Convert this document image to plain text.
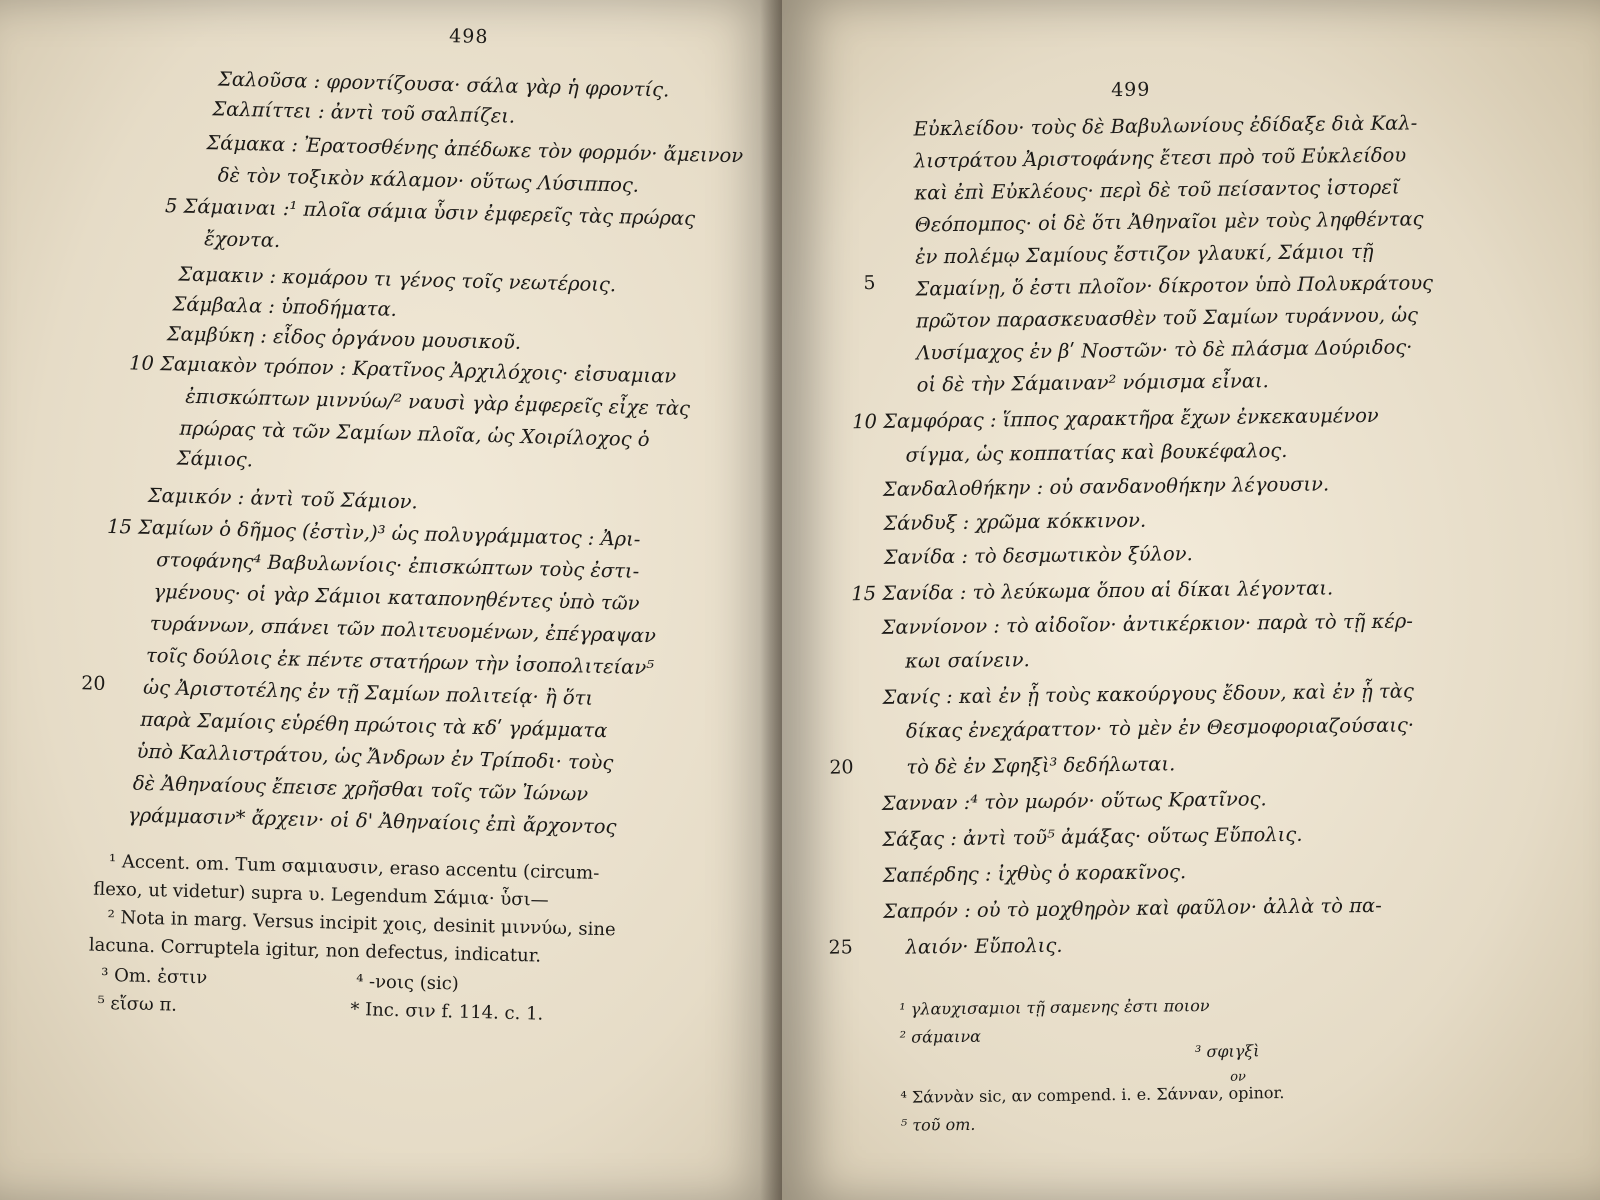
498
Σαλοῦσα : φροντίζουσα· σάλα γὰρ ἡ φροντίς.
Σαλπίττει : ἀντὶ τοῦ σαλπίζει.
Σάμακα : Ἐρατοσθένης ἀπέδωκε τὸν φορμόν· ἄμεινον
δὲ τὸν τοξικὸν κάλαμον· οὕτως Λύσιππος.
5 Σάμαιναι :¹ πλοῖα σάμια ὗσιν ἐμφερεῖς τὰς πρώρας
ἔχοντα.
Σαμακιν : κομάρου τι γένος τοῖς νεωτέροις.
Σάμβαλα : ὑποδήματα.
Σαμβύκη : εἶδος ὀργάνου μουσικοῦ.
10 Σαμιακὸν τρόπον : Κρατῖνος Ἀρχιλόχοις· εἰσυαμιαν
ἐπισκώπτων μιννύω/² ναυσὶ γὰρ ἐμφερεῖς εἶχε τὰς
πρώρας τὰ τῶν Σαμίων πλοῖα, ὡς Χοιρίλοχος ὁ
Σάμιος.
Σαμικόν : ἀντὶ τοῦ Σάμιον.
15 Σαμίων ὁ δῆμος (ἐστὶν,)³ ὡς πολυγράμματος : Ἀρι-
στοφάνης⁴ Βαβυλωνίοις· ἐπισκώπτων τοὺς ἐστι-
γμένους· οἱ γὰρ Σάμιοι καταπονηθέντες ὑπὸ τῶν
τυράννων, σπάνει τῶν πολιτευομένων, ἐπέγραψαν
τοῖς δούλοις ἐκ πέντε στατήρων τὴν ἰσοπολιτείαν⁵
20 ὡς Ἀριστοτέλης ἐν τῇ Σαμίων πολιτείᾳ· ἢ ὅτι
παρὰ Σαμίοις εὑρέθη πρώτοις τὰ κδʹ γράμματα
ὑπὸ Καλλιστράτου, ὡς Ἄνδρων ἐν Τρίποδι· τοὺς
δὲ Ἀθηναίους ἔπεισε χρῆσθαι τοῖς τῶν Ἰώνων
γράμμασιν* ἄρχειν· οἱ δ' Ἀθηναίοις ἐπὶ ἄρχοντος
¹ Accent. om. Tum σαμιαυσιν, eraso accentu (circum-
flexo, ut videtur) supra υ. Legendum Σάμια· ὗσι—
² Nota in marg. Versus incipit χοις, desinit μιννύω, sine
lacuna. Corruptela igitur, non defectus, indicatur.
³ Om. ἐστιν	⁴ -νοις (sic)
⁵ εἴσω π.	* Inc. σιν f. 114. c. 1.
499
Εὐκλείδου· τοὺς δὲ Βαβυλωνίους ἐδίδαξε διὰ Καλ-
λιστράτου Ἀριστοφάνης ἔτεσι πρὸ τοῦ Εὐκλείδου
καὶ ἐπὶ Εὐκλέους· περὶ δὲ τοῦ πείσαντος ἱστορεῖ
Θεόπομπος· οἱ δὲ ὅτι Ἀθηναῖοι μὲν τοὺς ληφθέντας
5
ἐν πολέμῳ Σαμίους ἔστιζον γλαυκί, Σάμιοι τῇ
Σαμαίνῃ, ὅ ἐστι πλοῖον· δίκροτον ὑπὸ Πολυκράτους
πρῶτον παρασκευασθὲν τοῦ Σαμίων τυράννου, ὡς
Λυσίμαχος ἐν βʹ Νοστῶν· τὸ δὲ πλάσμα Δούριδος·
οἱ δὲ τὴν Σάμαιναν² νόμισμα εἶναι.
10 Σαμφόρας : ἵππος χαρακτῆρα ἔχων ἐνκεκαυμένον
σίγμα, ὡς κοππατίας καὶ βουκέφαλος.
Σανδαλοθήκην : οὐ σανδανοθήκην λέγουσιν.
Σάνδυξ : χρῶμα κόκκινον.
Σανίδα : τὸ δεσμωτικὸν ξύλον.
15 Σανίδα : τὸ λεύκωμα ὅπου αἱ δίκαι λέγονται.
Σαννίονον : τὸ αἰδοῖον· ἀντικέρκιον· παρὰ τὸ τῇ κέρ-
κωι σαίνειν.
Σανίς : καὶ ἐν ᾗ τοὺς κακούργους ἔδουν, καὶ ἐν ᾗ τὰς
δίκας ἐνεχάραττον· τὸ μὲν ἐν Θεσμοφοριαζούσαις·
20	τὸ δὲ ἐν Σφηξὶ³ δεδήλωται.
Σανναν :⁴ τὸν μωρόν· οὕτως Κρατῖνος.
Σάξας : ἀντὶ τοῦ⁵ ἀμάξας· οὕτως Εὔπολις.
Σαπέρδης : ἰχθὺς ὁ κορακῖνος.
Σαπρόν : οὐ τὸ μοχθηρὸν καὶ φαῦλον· ἀλλὰ τὸ πα-
25	λαιόν· Εὔπολις.
¹ γλαυχισαμιοι τῇ σαμενης ἐστι ποιον
² σάμαινα
³ σφιγξὶ
ον
⁴ Σάννὰν sic, αν compend. i. e. Σάνναν, opinor.
⁵ τοῦ om.
